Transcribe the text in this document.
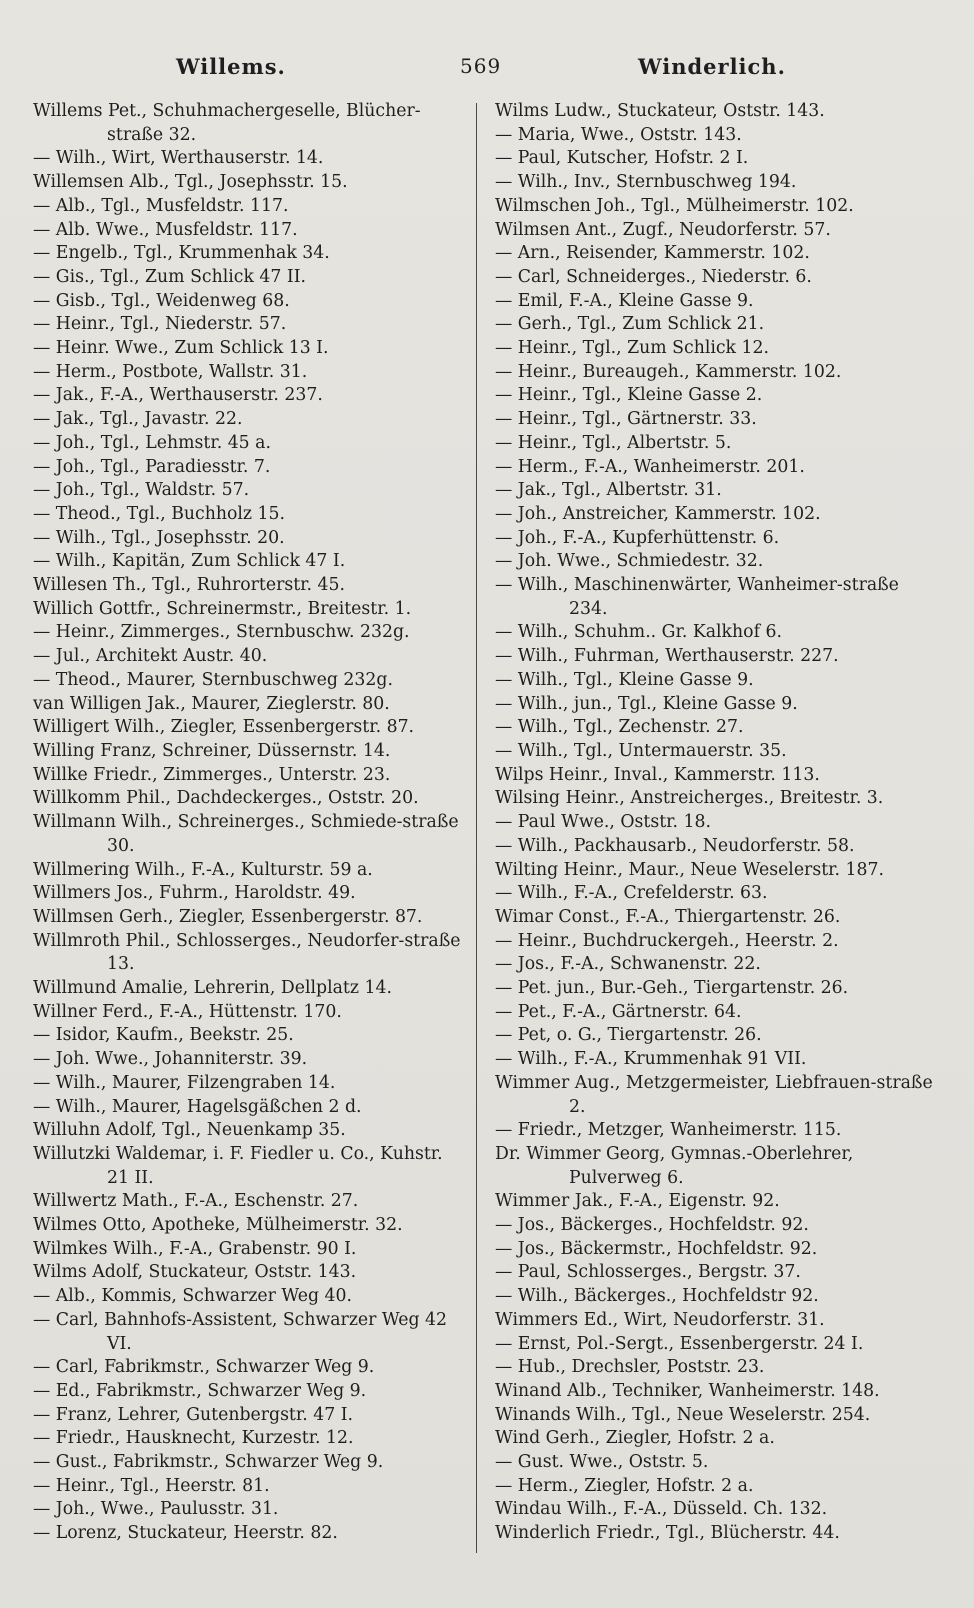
Willems.	569	Winderlich.

Willems Pet., Schuhmachergeselle, Blücher-straße 32.

— Wilh., Wirt, Werthauserstr. 14.

Willemsen Alb., Tgl., Josephsstr. 15.

— Alb., Tgl., Musfeldstr. 117.

— Alb. Wwe., Musfeldstr. 117.

— Engelb., Tgl., Krummenhak 34.

— Gis., Tgl., Zum Schlick 47 II.

— Gisb., Tgl., Weidenweg 68.

— Heinr., Tgl., Niederstr. 57.

— Heinr. Wwe., Zum Schlick 13 I.

— Herm., Postbote, Wallstr. 31.

— Jak., F.-A., Werthauserstr. 237.

— Jak., Tgl., Javastr. 22.

— Joh., Tgl., Lehmstr. 45 a.

— Joh., Tgl., Paradiesstr. 7.

— Joh., Tgl., Waldstr. 57.

— Theod., Tgl., Buchholz 15.

— Wilh., Tgl., Josephsstr. 20.

— Wilh., Kapitän, Zum Schlick 47 I.

Willesen Th., Tgl., Ruhrorterstr. 45.

Willich Gottfr., Schreinermstr., Breitestr. 1.

— Heinr., Zimmerges., Sternbuschw. 232g.

— Jul., Architekt Austr. 40.

— Theod., Maurer, Sternbuschweg 232g.

van Willigen Jak., Maurer, Zieglerstr. 80.

Willigert Wilh., Ziegler, Essenbergerstr. 87.

Willing Franz, Schreiner, Düssernstr. 14.

Willke Friedr., Zimmerges., Unterstr. 23.

Willkomm Phil., Dachdeckerges., Oststr. 20.

Willmann Wilh., Schreinerges., Schmiede-straße 30.

Willmering Wilh., F.-A., Kulturstr. 59 a.

Willmers Jos., Fuhrm., Haroldstr. 49.

Willmsen Gerh., Ziegler, Essenbergerstr. 87.

Willmroth Phil., Schlosserges., Neudorfer-straße 13.

Willmund Amalie, Lehrerin, Dellplatz 14.

Willner Ferd., F.-A., Hüttenstr. 170.

— Isidor, Kaufm., Beekstr. 25.

— Joh. Wwe., Johanniterstr. 39.

— Wilh., Maurer, Filzengraben 14.

— Wilh., Maurer, Hagelsgäßchen 2 d.

Willuhn Adolf, Tgl., Neuenkamp 35.

Willutzki Waldemar, i. F. Fiedler u. Co., Kuhstr. 21 II.

Willwertz Math., F.-A., Eschenstr. 27.

Wilmes Otto, Apotheke, Mülheimerstr. 32.

Wilmkes Wilh., F.-A., Grabenstr. 90 I.

Wilms Adolf, Stuckateur, Oststr. 143.

— Alb., Kommis, Schwarzer Weg 40.

— Carl, Bahnhofs-Assistent, Schwarzer Weg 42 VI.

— Carl, Fabrikmstr., Schwarzer Weg 9.

— Ed., Fabrikmstr., Schwarzer Weg 9.

— Franz, Lehrer, Gutenbergstr. 47 I.

— Friedr., Hausknecht, Kurzestr. 12.

— Gust., Fabrikmstr., Schwarzer Weg 9.

— Heinr., Tgl., Heerstr. 81.

— Joh., Wwe., Paulusstr. 31.

— Lorenz, Stuckateur, Heerstr. 82.

Wilms Ludw., Stuckateur, Oststr. 143.

— Maria, Wwe., Oststr. 143.

— Paul, Kutscher, Hofstr. 2 I.

— Wilh., Inv., Sternbuschweg 194.

Wilmschen Joh., Tgl., Mülheimerstr. 102.

Wilmsen Ant., Zugf., Neudorferstr. 57.

— Arn., Reisender, Kammerstr. 102.

— Carl, Schneiderges., Niederstr. 6.

— Emil, F.-A., Kleine Gasse 9.

— Gerh., Tgl., Zum Schlick 21.

— Heinr., Tgl., Zum Schlick 12.

— Heinr., Bureaugeh., Kammerstr. 102.

— Heinr., Tgl., Kleine Gasse 2.

— Heinr., Tgl., Gärtnerstr. 33.

— Heinr., Tgl., Albertstr. 5.

— Herm., F.-A., Wanheimerstr. 201.

— Jak., Tgl., Albertstr. 31.

— Joh., Anstreicher, Kammerstr. 102.

— Joh., F.-A., Kupferhüttenstr. 6.

— Joh. Wwe., Schmiedestr. 32.

— Wilh., Maschinenwärter, Wanheimer-straße 234.

— Wilh., Schuhm.. Gr. Kalkhof 6.

— Wilh., Fuhrman, Werthauserstr. 227.

— Wilh., Tgl., Kleine Gasse 9.

— Wilh., jun., Tgl., Kleine Gasse 9.

— Wilh., Tgl., Zechenstr. 27.

— Wilh., Tgl., Untermauerstr. 35.

Wilps Heinr., Inval., Kammerstr. 113.

Wilsing Heinr., Anstreicherges., Breitestr. 3.

— Paul Wwe., Oststr. 18.

— Wilh., Packhausarb., Neudorferstr. 58.

Wilting Heinr., Maur., Neue Weselerstr. 187.

— Wilh., F.-A., Crefelderstr. 63.

Wimar Const., F.-A., Thiergartenstr. 26.

— Heinr., Buchdruckergeh., Heerstr. 2.

— Jos., F.-A., Schwanenstr. 22.

— Pet. jun., Bur.-Geh., Tiergartenstr. 26.

— Pet., F.-A., Gärtnerstr. 64.

— Pet, o. G., Tiergartenstr. 26.

— Wilh., F.-A., Krummenhak 91 VII.

Wimmer Aug., Metzgermeister, Liebfrauen-straße 2.

— Friedr., Metzger, Wanheimerstr. 115.

Dr. Wimmer Georg, Gymnas.-Oberlehrer, Pulverweg 6.

Wimmer Jak., F.-A., Eigenstr. 92.

— Jos., Bäckerges., Hochfeldstr. 92.

— Jos., Bäckermstr., Hochfeldstr. 92.

— Paul, Schlosserges., Bergstr. 37.

— Wilh., Bäckerges., Hochfeldstr 92.

Wimmers Ed., Wirt, Neudorferstr. 31.

— Ernst, Pol.-Sergt., Essenbergerstr. 24 I.

— Hub., Drechsler, Poststr. 23.

Winand Alb., Techniker, Wanheimerstr. 148.

Winands Wilh., Tgl., Neue Weselerstr. 254.

Wind Gerh., Ziegler, Hofstr. 2 a.

— Gust. Wwe., Oststr. 5.

— Herm., Ziegler, Hofstr. 2 a.

Windau Wilh., F.-A., Düsseld. Ch. 132.

Winderlich Friedr., Tgl., Blücherstr. 44.
